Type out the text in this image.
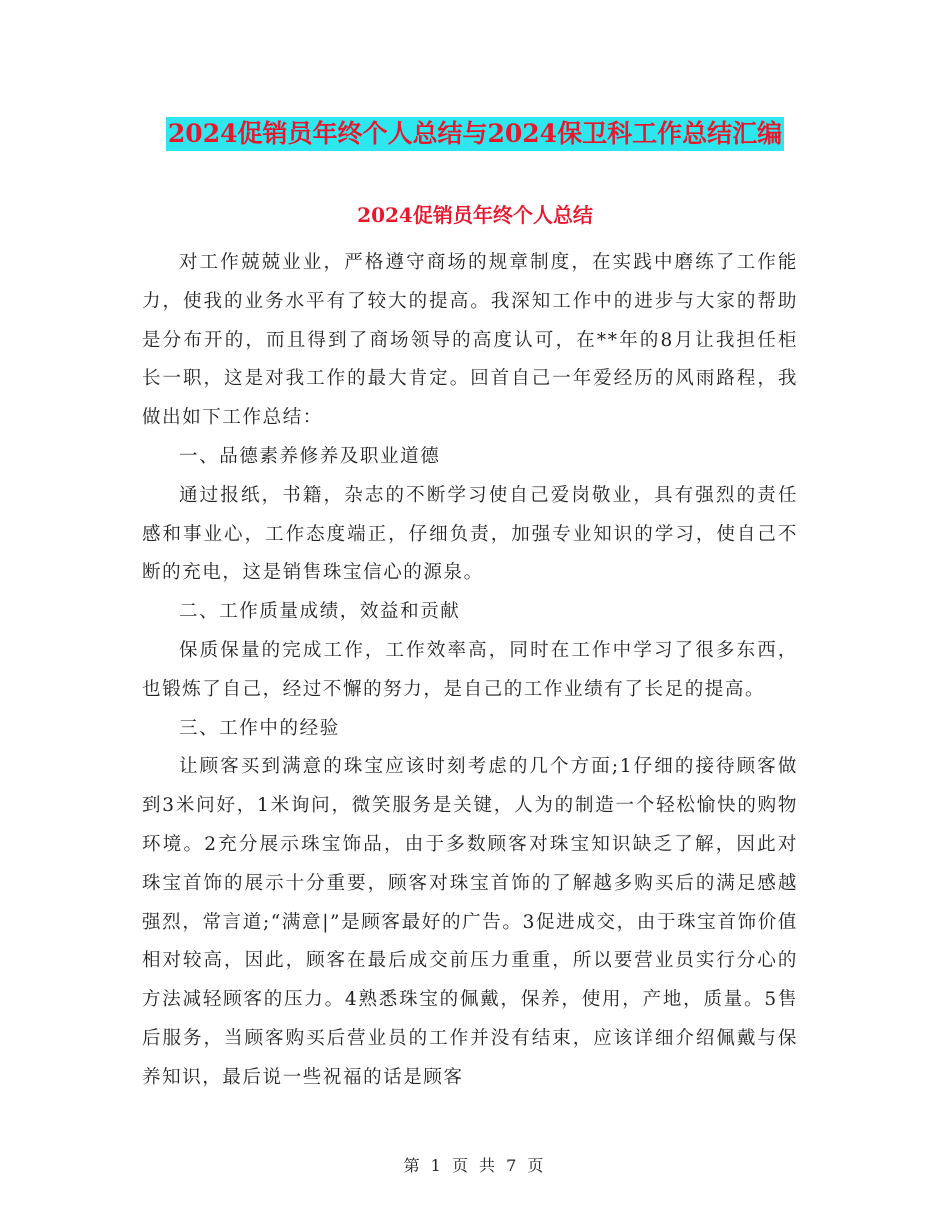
2024促销员年终个人总结与2024保卫科工作总结汇编
2024促销员年终个人总结

对工作兢兢业业，严格遵守商场的规章制度，在实践中磨练了工作能力，使我的业务水平有了较大的提高。我深知工作中的进步与大家的帮助是分布开的，而且得到了商场领导的高度认可，在**年的8月让我担任柜长一职，这是对我工作的最大肯定。回首自己一年爱经历的风雨路程，我做出如下工作总结：

一、品德素养修养及职业道德

通过报纸，书籍，杂志的不断学习使自己爱岗敬业，具有强烈的责任感和事业心，工作态度端正，仔细负责，加强专业知识的学习，使自己不断的充电，这是销售珠宝信心的源泉。

二、工作质量成绩，效益和贡献

保质保量的完成工作，工作效率高，同时在工作中学习了很多东西，也锻炼了自己，经过不懈的努力，是自己的工作业绩有了长足的提高。

三、工作中的经验

让顾客买到满意的珠宝应该时刻考虑的几个方面;1仔细的接待顾客做到3米问好，1米询问，微笑服务是关键，人为的制造一个轻松愉快的购物环境。2充分展示珠宝饰品，由于多数顾客对珠宝知识缺乏了解，因此对珠宝首饰的展示十分重要，顾客对珠宝首饰的了解越多购买后的满足感越强烈，常言道;“满意|”是顾客最好的广告。3促进成交，由于珠宝首饰价值相对较高，因此，顾客在最后成交前压力重重，所以要营业员实行分心的方法减轻顾客的压力。4熟悉珠宝的佩戴，保养，使用，产地，质量。5售后服务，当顾客购买后营业员的工作并没有结束，应该详细介绍佩戴与保养知识，最后说一些祝福的话是顾客

第 1 页 共 7 页
